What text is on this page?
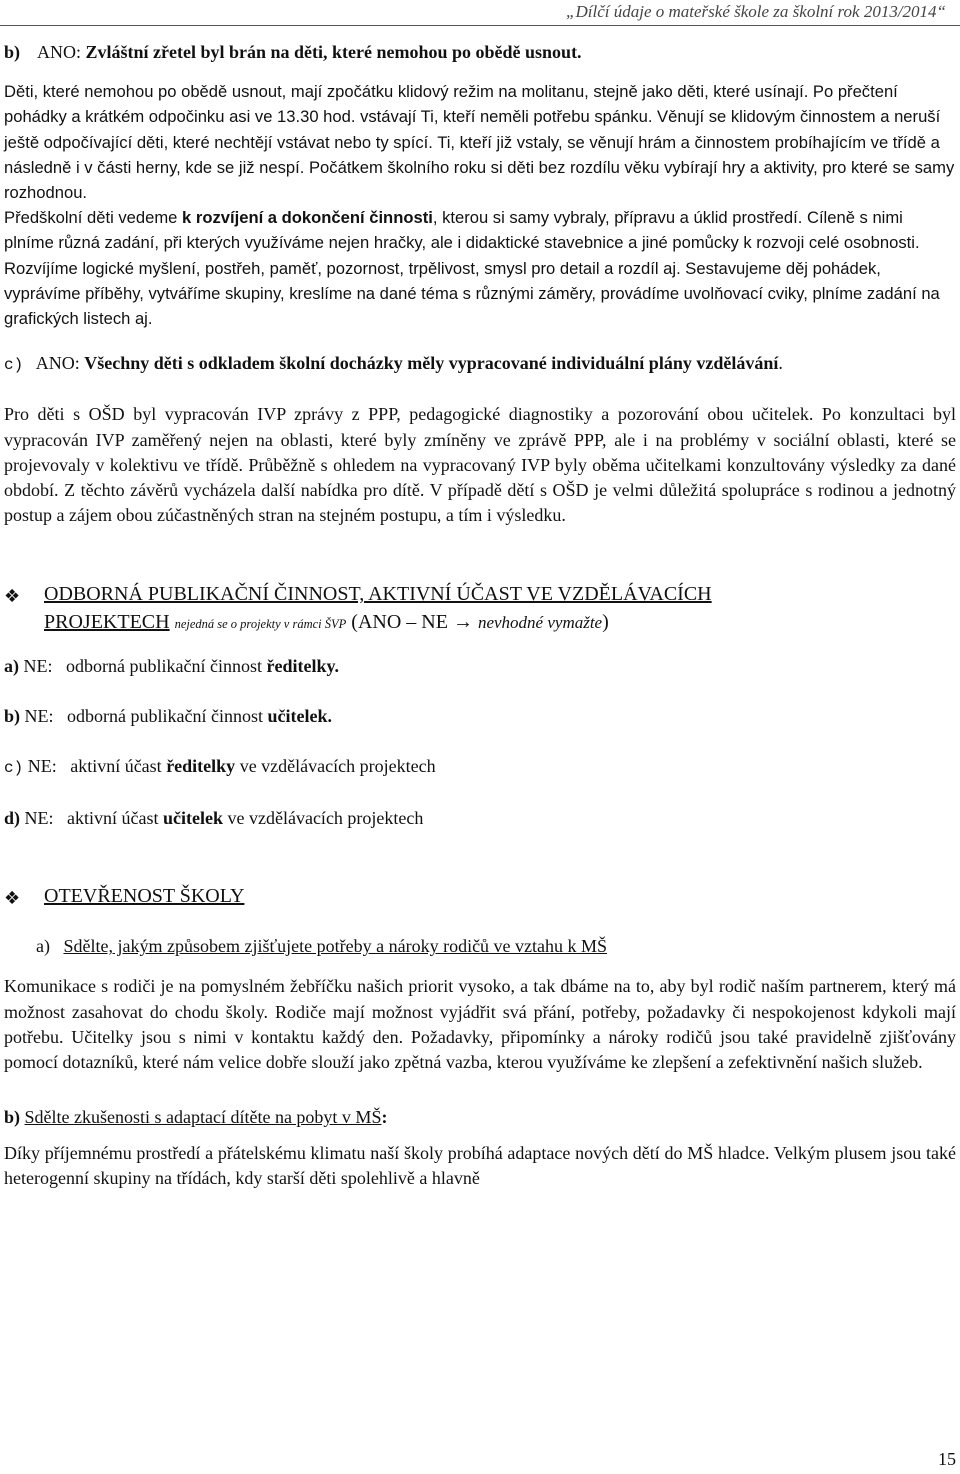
„Dílčí údaje o mateřské škole za školní rok 2013/2014“

b) ANO: Zvláštní zřetel byl brán na děti, které nemohou po obědě usnout.

Děti, které nemohou po obědě usnout, mají zpočátku klidový režim na molitanu, stejně jako děti, které usínají. Po přečtení pohádky a krátkém odpočinku asi ve 13.30 hod. vstávají Ti, kteří neměli potřebu spánku. Věnují se klidovým činnostem a neruší ještě odpočívající děti, které nechtějí vstávat nebo ty spící. Ti, kteří již vstaly, se věnují hrám a činnostem probíhajícím ve třídě a následně i v části herny, kde se již nespí. Počátkem školního roku si děti bez rozdílu věku vybírají hry a aktivity, pro které se samy rozhodnou.

Předškolní děti vedeme k rozvíjení a dokončení činnosti, kterou si samy vybraly, přípravu a úklid prostředí. Cíleně s nimi plníme různá zadání, při kterých využíváme nejen hračky, ale i didaktické stavebnice a jiné pomůcky k rozvoji celé osobnosti. Rozvíjíme logické myšlení, postřeh, paměť, pozornost, trpělivost, smysl pro detail a rozdíl aj. Sestavujeme děj pohádek, vyprávíme příběhy, vytváříme skupiny, kreslíme na dané téma s různými záměry, provádíme uvolňovací cviky, plníme zadání na grafických listech aj.

c) ANO: Všechny děti s odkladem školní docházky měly vypracované individuální plány vzdělávání.

Pro děti s OŠD byl vypracován IVP zprávy z PPP, pedagogické diagnostiky a pozorování obou učitelek. Po konzultaci byl vypracován IVP zaměřený nejen na oblasti, které byly zmíněny ve zprávě PPP, ale i na problémy v sociální oblasti, které se projevovaly v kolektivu ve třídě. Průběžně s ohledem na vypracovaný IVP byly oběma učitelkami konzultovány výsledky za dané období. Z těchto závěrů vycházela další nabídka pro dítě. V případě dětí s OŠD je velmi důležitá spolupráce s rodinou a jednotný postup a zájem obou zúčastněných stran na stejném postupu, a tím i výsledku.

❖ ODBORNÁ PUBLIKAČNÍ ČINNOST, AKTIVNÍ ÚČAST VE VZDĚLÁVACÍCH
PROJEKTECH nejedná se o projekty v rámci ŠVP (ANO – NE → nevhodné vymažte)

a) NE: odborná publikační činnost ředitelky.

b) NE: odborná publikační činnost učitelek.

c) NE: aktivní účast ředitelky ve vzdělávacích projektech

d) NE: aktivní účast učitelek ve vzdělávacích projektech

❖ OTEVŘENOST ŠKOLY

a) Sdělte, jakým způsobem zjišťujete potřeby a nároky rodičů ve vztahu k MŠ

Komunikace s rodiči je na pomyslném žebříčku našich priorit vysoko, a tak dbáme na to, aby byl rodič naším partnerem, který má možnost zasahovat do chodu školy. Rodiče mají možnost vyjádřit svá přání, potřeby, požadavky či nespokojenost kdykoli mají potřebu. Učitelky jsou s nimi v kontaktu každý den. Požadavky, připomínky a nároky rodičů jsou také pravidelně zjišťovány pomocí dotazníků, které nám velice dobře slouží jako zpětná vazba, kterou využíváme ke zlepšení a zefektivnění našich služeb.

b) Sdělte zkušenosti s adaptací dítěte na pobyt v MŠ:

Díky příjemnému prostředí a přátelskému klimatu naší školy probíhá adaptace nových dětí do MŠ hladce. Velkým plusem jsou také heterogenní skupiny na třídách, kdy starší děti spolehlivě a hlavně

15
